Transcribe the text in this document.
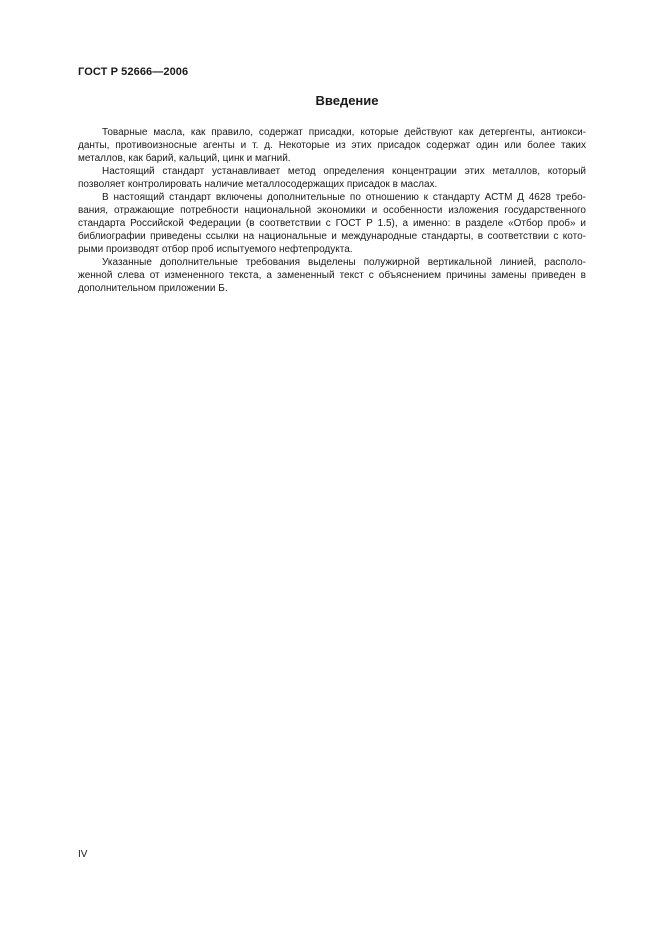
ГОСТ Р 52666—2006
Введение

Товарные масла, как правило, содержат присадки, которые действуют как детергенты, антиокси-
данты, противоизносные агенты и т. д. Некоторые из этих присадок содержат один или более таких
металлов, как барий, кальций, цинк и магний.

Настоящий стандарт устанавливает метод определения концентрации этих металлов, который
позволяет контролировать наличие металлосодержащих присадок в маслах.

В настоящий стандарт включены дополнительные по отношению к стандарту АСТМ Д 4628 требо-
вания, отражающие потребности национальной экономики и особенности изложения государственного
стандарта Российской Федерации (в соответствии с ГОСТ Р 1.5), а именно: в разделе «Отбор проб» и
библиографии приведены ссылки на национальные и международные стандарты, в соответствии с кото-
рыми производят отбор проб испытуемого нефтепродукта.

Указанные дополнительные требования выделены полужирной вертикальной линией, располо-
женной слева от измененного текста, а замененный текст с объяснением причины замены приведен в
дополнительном приложении Б.

IV
